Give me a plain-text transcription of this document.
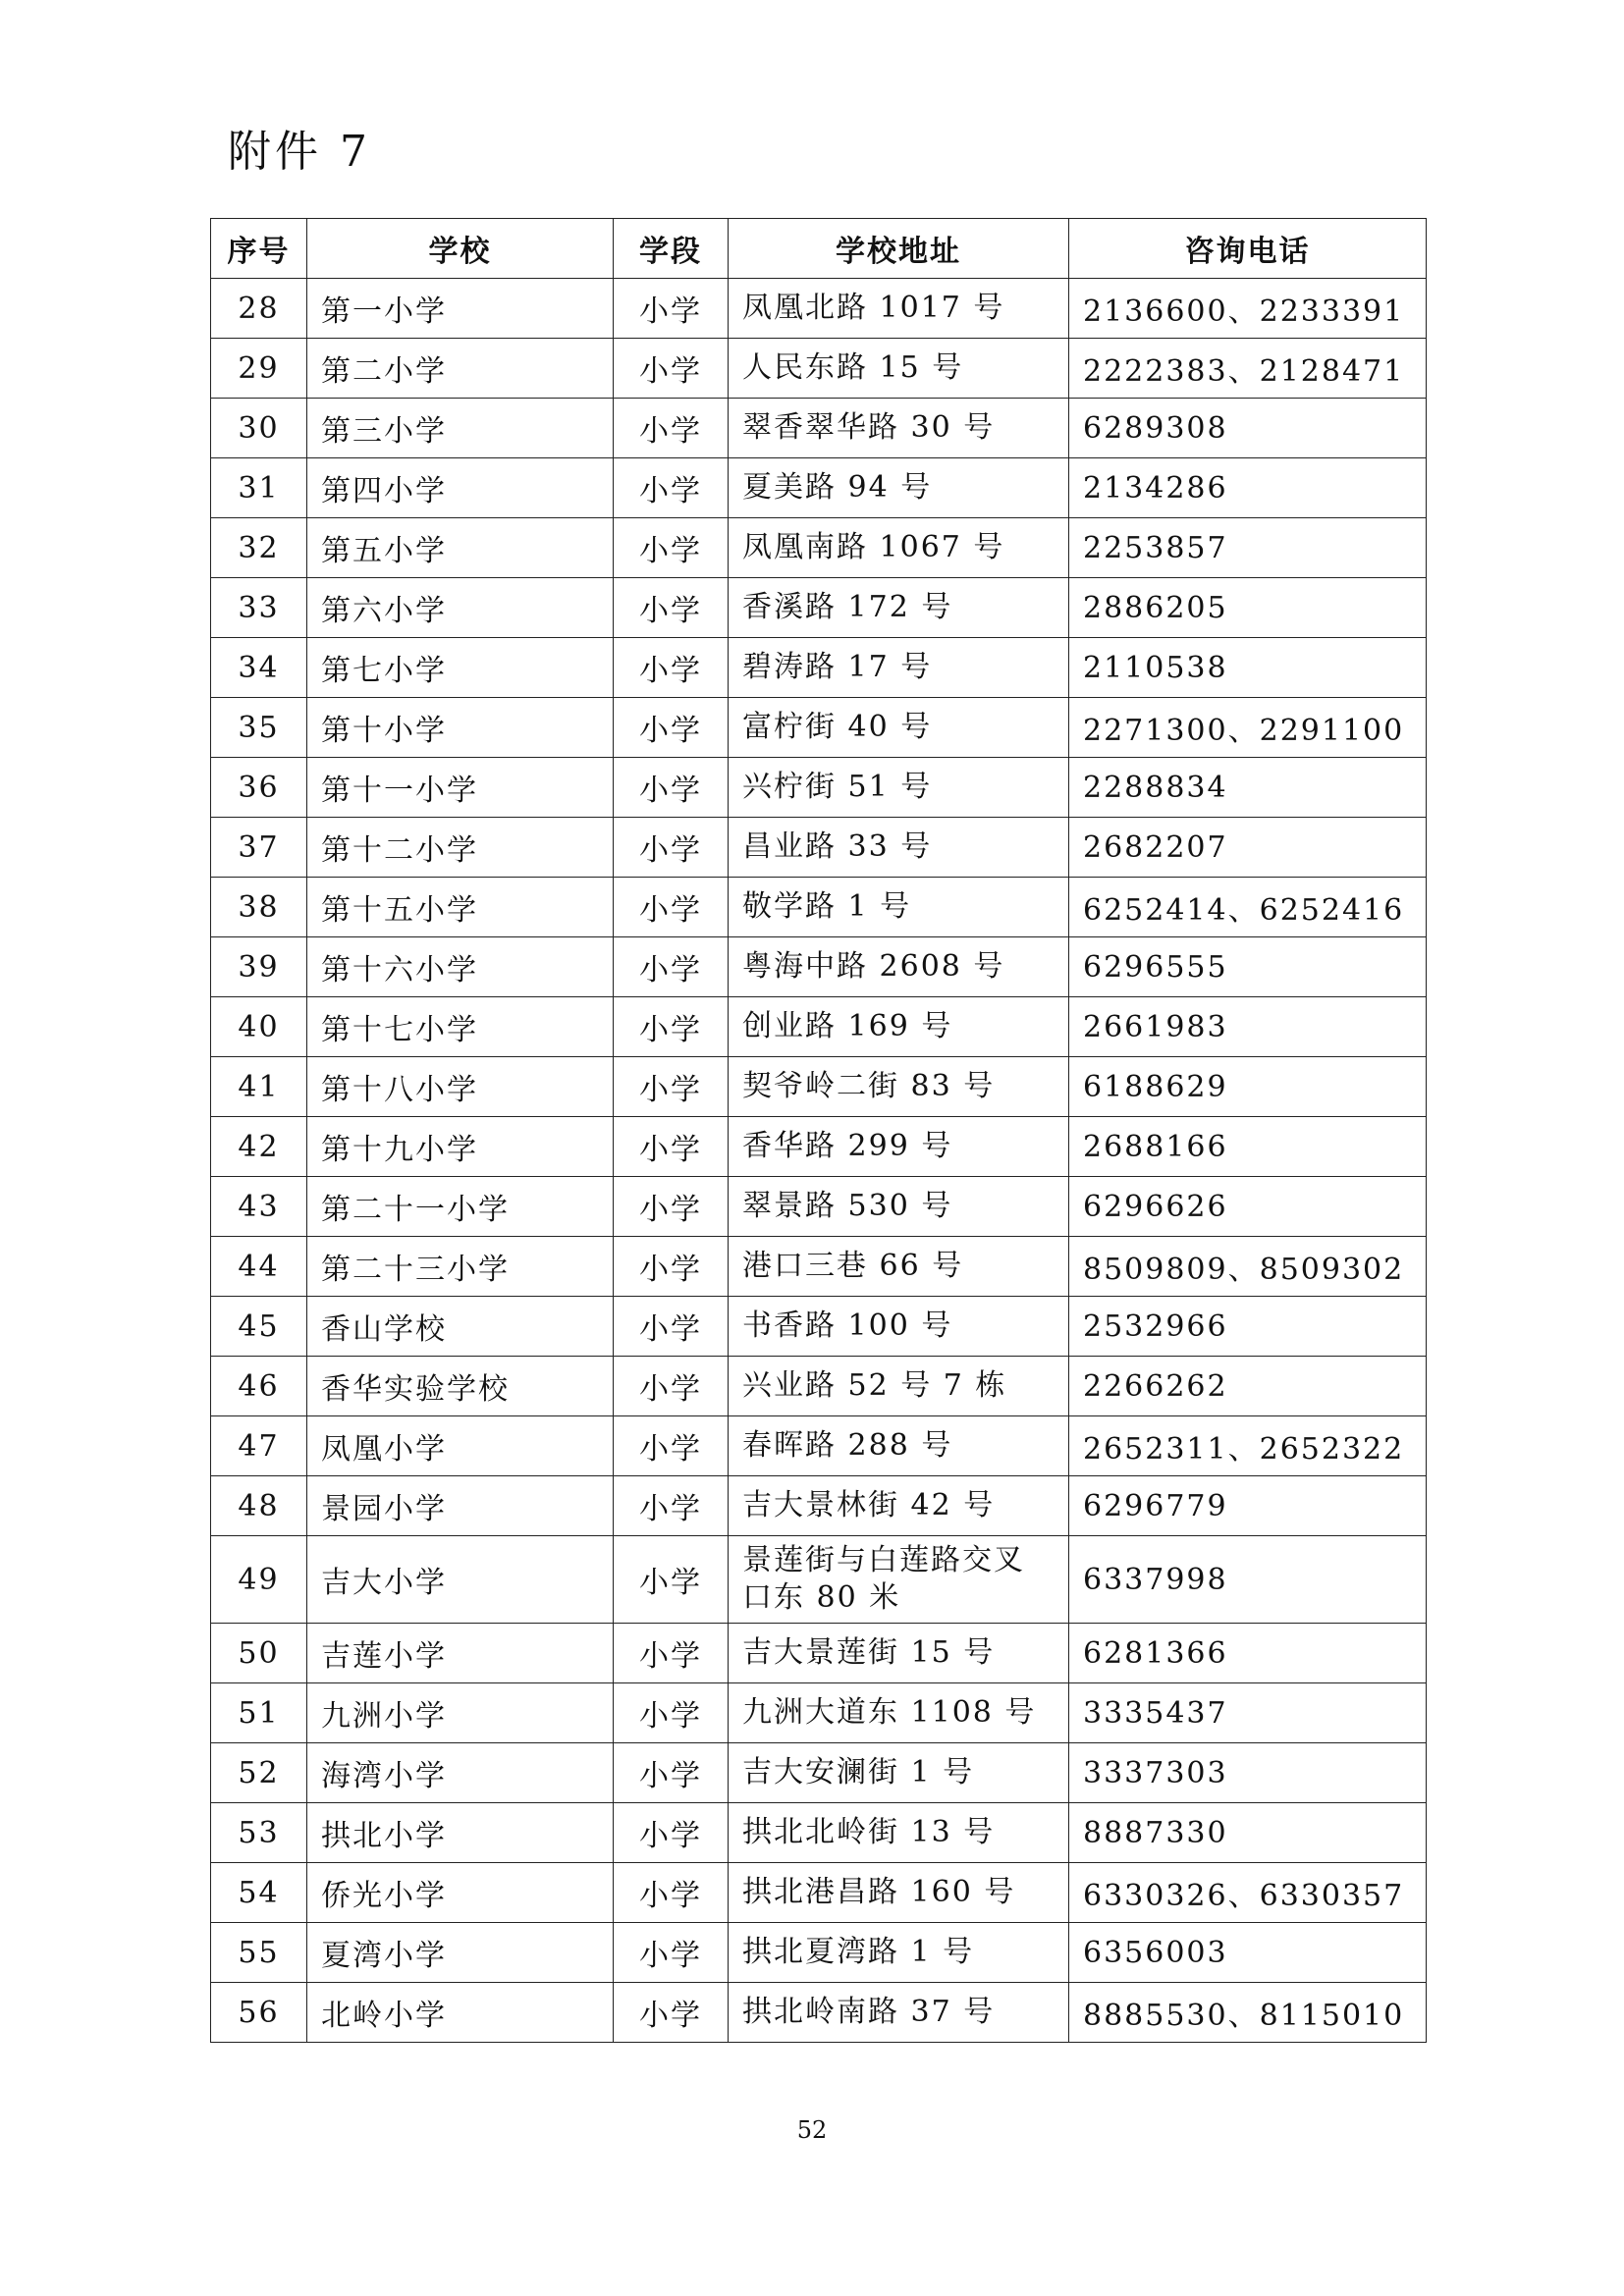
附件 7
序号	学校	学段	学校地址	咨询电话
28	第一小学	小学	凤凰北路 1017 号	2136600、2233391
29	第二小学	小学	人民东路 15 号	2222383、2128471
30	第三小学	小学	翠香翠华路 30 号	6289308
31	第四小学	小学	夏美路 94 号	2134286
32	第五小学	小学	凤凰南路 1067 号	2253857
33	第六小学	小学	香溪路 172 号	2886205
34	第七小学	小学	碧涛路 17 号	2110538
35	第十小学	小学	富柠街 40 号	2271300、2291100
36	第十一小学	小学	兴柠街 51 号	2288834
37	第十二小学	小学	昌业路 33 号	2682207
38	第十五小学	小学	敬学路 1 号	6252414、6252416
39	第十六小学	小学	粤海中路 2608 号	6296555
40	第十七小学	小学	创业路 169 号	2661983
41	第十八小学	小学	契爷岭二街 83 号	6188629
42	第十九小学	小学	香华路 299 号	2688166
43	第二十一小学	小学	翠景路 530 号	6296626
44	第二十三小学	小学	港口三巷 66 号	8509809、8509302
45	香山学校	小学	书香路 100 号	2532966
46	香华实验学校	小学	兴业路 52 号 7 栋	2266262
47	凤凰小学	小学	春晖路 288 号	2652311、2652322
48	景园小学	小学	吉大景林街 42 号	6296779
49	吉大小学	小学	景莲街与白莲路交叉口东 80 米	6337998
50	吉莲小学	小学	吉大景莲街 15 号	6281366
51	九洲小学	小学	九洲大道东 1108 号	3335437
52	海湾小学	小学	吉大安澜街 1 号	3337303
53	拱北小学	小学	拱北北岭街 13 号	8887330
54	侨光小学	小学	拱北港昌路 160 号	6330326、6330357
55	夏湾小学	小学	拱北夏湾路 1 号	6356003
56	北岭小学	小学	拱北岭南路 37 号	8885530、8115010
52
